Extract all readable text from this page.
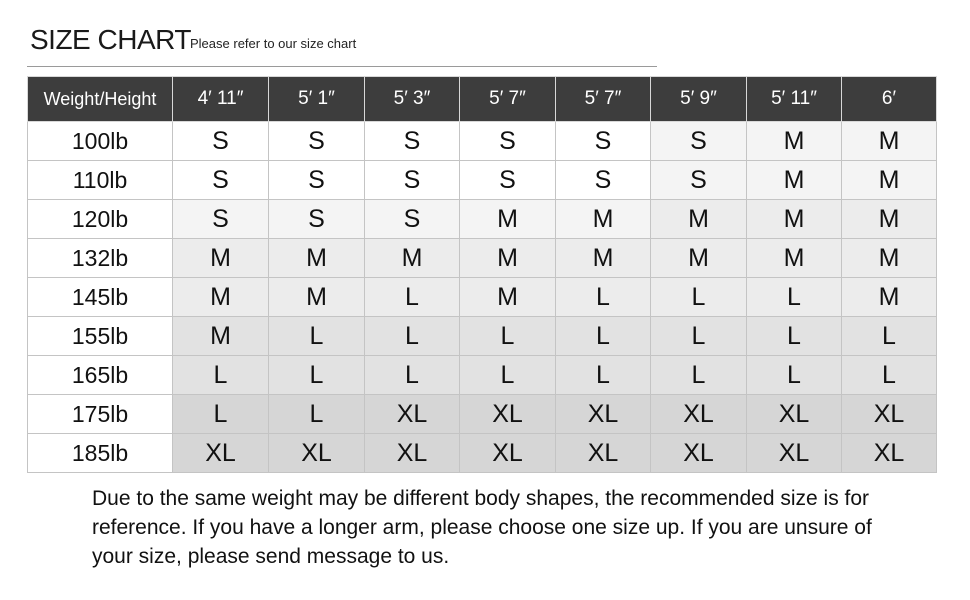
SIZE CHART Please refer to our size chart
Weight/Height	4′ 11″	5′ 1″	5′ 3″	5′ 7″	5′ 7″	5′ 9″	5′ 11″	6′
100lb	S	S	S	S	S	S	M	M
110lb	S	S	S	S	S	S	M	M
120lb	S	S	S	M	M	M	M	M
132lb	M	M	M	M	M	M	M	M
145lb	M	M	L	M	L	L	L	M
155lb	M	L	L	L	L	L	L	L
165lb	L	L	L	L	L	L	L	L
175lb	L	L	XL	XL	XL	XL	XL	XL
185lb	XL	XL	XL	XL	XL	XL	XL	XL
Due to the same weight may be different body shapes, the recommended size is for reference. If you have a longer arm, please choose one size up. If you are unsure of your size, please send message to us.
